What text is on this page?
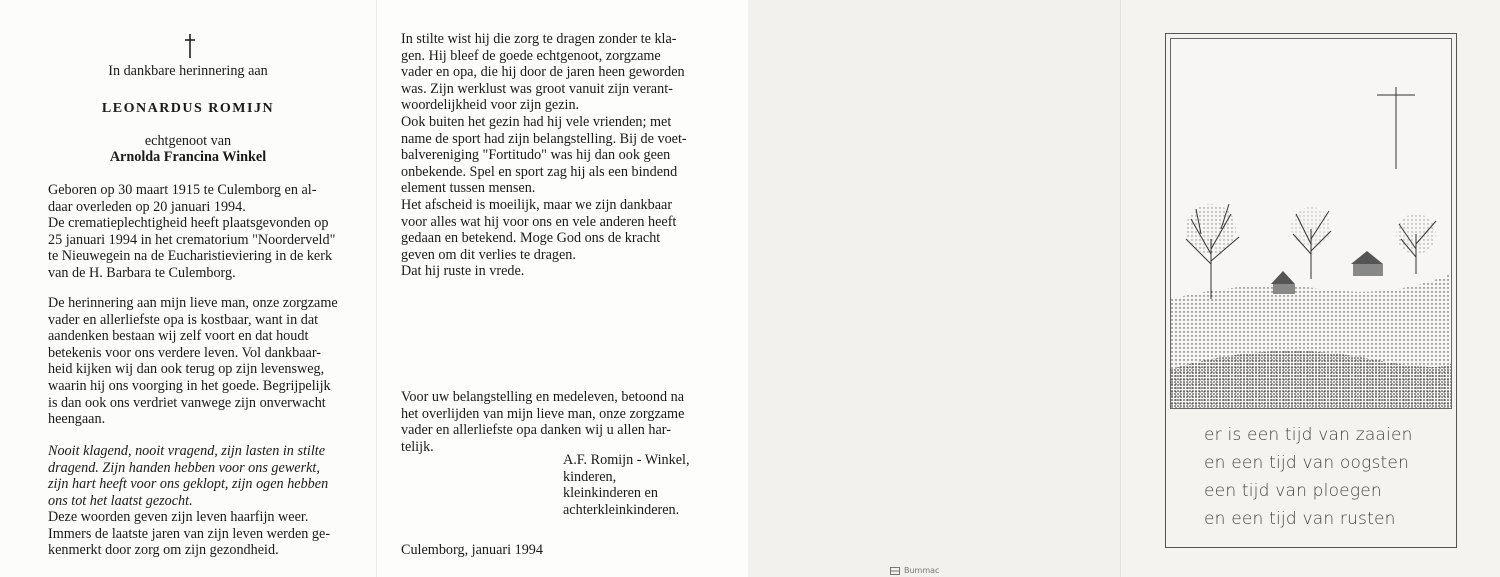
In dankbare herinnering aan

LEONARDUS ROMIJN

echtgenoot van

Arnolda Francina Winkel

Geboren op 30 maart 1915 te Culemborg en al-
daar overleden op 20 januari 1994.
De crematieplechtigheid heeft plaatsgevonden op
25 januari 1994 in het crematorium "Noorderveld"
te Nieuwegein na de Eucharistieviering in de kerk
van de H. Barbara te Culemborg.
De herinnering aan mijn lieve man, onze zorgzame
vader en allerliefste opa is kostbaar, want in dat
aandenken bestaan wij zelf voort en dat houdt
betekenis voor ons verdere leven. Vol dankbaar-
heid kijken wij dan ook terug op zijn levensweg,
waarin hij ons voorging in het goede. Begrijpelijk
is dan ook ons verdriet vanwege zijn onverwacht
heengaan.
Nooit klagend, nooit vragend, zijn lasten in stilte
dragend. Zijn handen hebben voor ons gewerkt,
zijn hart heeft voor ons geklopt, zijn ogen hebben
ons tot het laatst gezocht.
Deze woorden geven zijn leven haarfijn weer.
Immers de laatste jaren van zijn leven werden ge-
kenmerkt door zorg om zijn gezondheid.
In stilte wist hij die zorg te dragen zonder te kla-
gen. Hij bleef de goede echtgenoot, zorgzame
vader en opa, die hij door de jaren heen geworden
was. Zijn werklust was groot vanuit zijn verant-
woordelijkheid voor zijn gezin.
Ook buiten het gezin had hij vele vrienden; met
name de sport had zijn belangstelling. Bij de voet-
balvereniging "Fortitudo" was hij dan ook geen
onbekende. Spel en sport zag hij als een bindend
element tussen mensen.
Het afscheid is moeilijk, maar we zijn dankbaar
voor alles wat hij voor ons en vele anderen heeft
gedaan en betekend. Moge God ons de kracht
geven om dit verlies te dragen.
Dat hij ruste in vrede.
Voor uw belangstelling en medeleven, betoond na
het overlijden van mijn lieve man, onze zorgzame
vader en allerliefste opa danken wij u allen har-
telijk.
A.F. Romijn - Winkel,
kinderen,
kleinkinderen en
achterkleinkinderen.

Culemborg, januari 1994

Bummac
er is een tijd van zaaien
en een tijd van oogsten
een tijd van ploegen
en een tijd van rusten
